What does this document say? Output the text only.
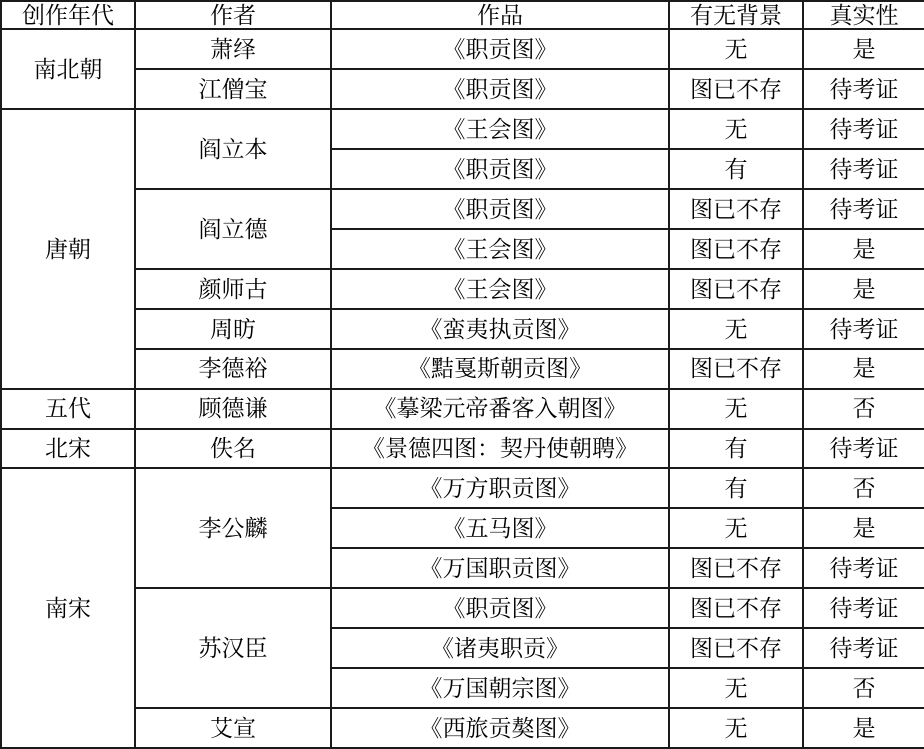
创作年代	作者	作品	有无背景	真实性
南北朝	萧绎	《职贡图》	无	是
	江僧宝	《职贡图》	图已不存	待考证
唐朝	阎立本	《王会图》	无	待考证
		《职贡图》	有	待考证
	阎立德	《职贡图》	图已不存	待考证
		《王会图》	图已不存	是
	颜师古	《王会图》	图已不存	是
	周昉	《蛮夷执贡图》	无	待考证
	李德裕	《黠戛斯朝贡图》	图已不存	是
五代	顾德谦	《摹梁元帝番客入朝图》	无	否
北宋	佚名	《景德四图：契丹使朝聘》	有	待考证
南宋	李公麟	《万方职贡图》	有	否
		《五马图》	无	是
		《万国职贡图》	图已不存	待考证
	苏汉臣	《职贡图》	图已不存	待考证
		《诸夷职贡》	图已不存	待考证
		《万国朝宗图》	无	否
	艾宣	《西旅贡獒图》	无	是
